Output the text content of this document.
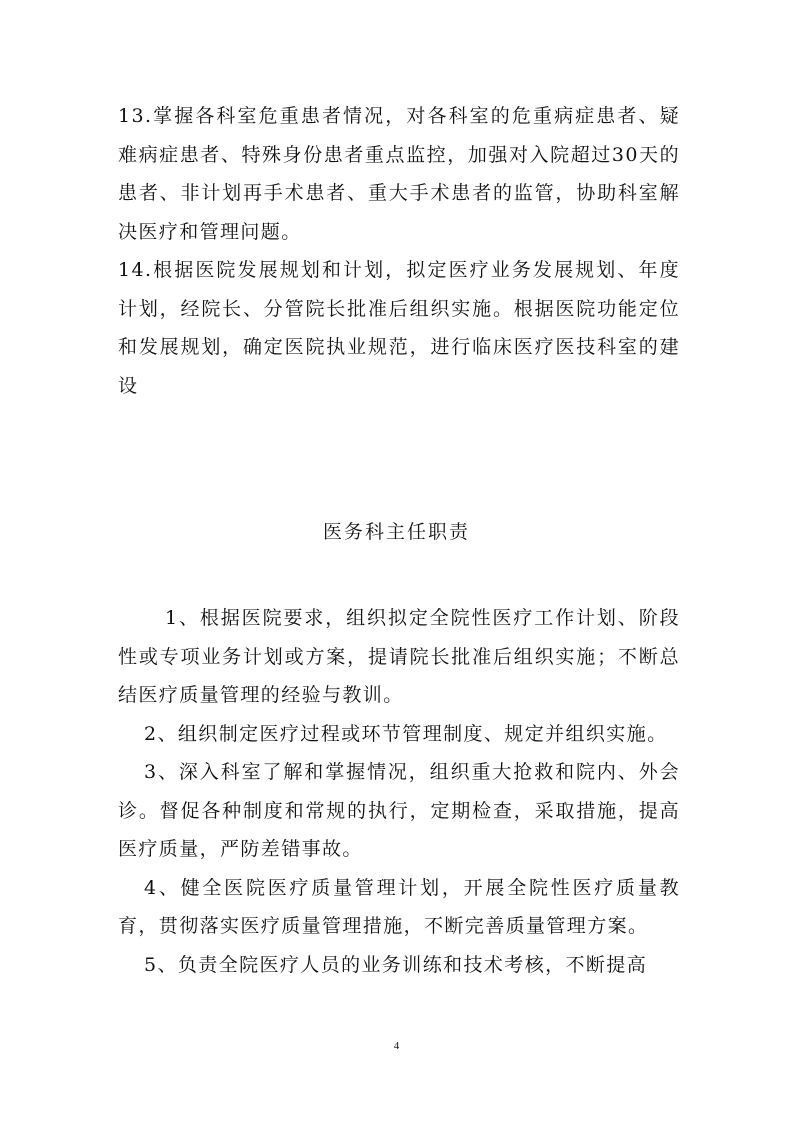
13.掌握各科室危重患者情况，对各科室的危重病症患者、疑难病症患者、特殊身份患者重点监控，加强对入院超过30天的患者、非计划再手术患者、重大手术患者的监管，协助科室解决医疗和管理问题。

14.根据医院发展规划和计划，拟定医疗业务发展规划、年度计划，经院长、分管院长批准后组织实施。根据医院功能定位和发展规划，确定医院执业规范，进行临床医疗医技科室的建设

医务科主任职责

1、根据医院要求，组织拟定全院性医疗工作计划、阶段性或专项业务计划或方案，提请院长批准后组织实施；不断总结医疗质量管理的经验与教训。

2、组织制定医疗过程或环节管理制度、规定并组织实施。

3、深入科室了解和掌握情况，组织重大抢救和院内、外会诊。督促各种制度和常规的执行，定期检查，采取措施，提高医疗质量，严防差错事故。

4、健全医院医疗质量管理计划，开展全院性医疗质量教育，贯彻落实医疗质量管理措施，不断完善质量管理方案。

5、负责全院医疗人员的业务训练和技术考核，不断提高

4
